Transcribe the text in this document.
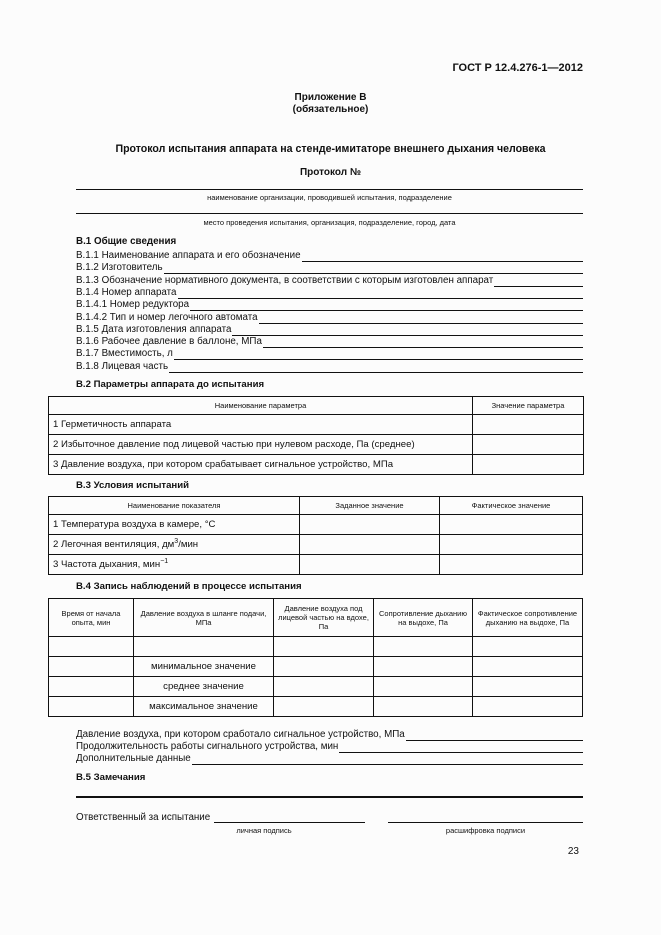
ГОСТ Р 12.4.276-1—2012
Приложение В
(обязательное)
Протокол испытания аппарата на стенде-имитаторе внешнего дыхания человека
Протокол №
наименование организации, проводившей испытания, подразделение
место проведения испытания, организация, подразделение, город, дата
В.1 Общие сведения
В.1.1 Наименование аппарата и его обозначение
В.1.2 Изготовитель
В.1.3 Обозначение нормативного документа, в соответствии с которым изготовлен аппарат
В.1.4 Номер аппарата
В.1.4.1 Номер редуктора
В.1.4.2 Тип и номер легочного автомата
В.1.5 Дата изготовления аппарата
В.1.6 Рабочее давление в баллоне, МПа
В.1.7 Вместимость, л
В.1.8 Лицевая часть
В.2 Параметры аппарата до испытания
Наименование параметра	Значение параметра
1 Герметичность аппарата	
2 Избыточное давление под лицевой частью при нулевом расходе, Па (среднее)	
3 Давление воздуха, при котором срабатывает сигнальное устройство, МПа	
В.3 Условия испытаний
Наименование показателя	Заданное значение	Фактическое значение
1 Температура воздуха в камере, °С		
2 Легочная вентиляция, $дм^3$/мин		
3 Частота дыхания, мин$^{-1}$		
В.4 Запись наблюдений в процессе испытания
Время от начала опыта, мин	Давление воздуха в шланге подачи, МПа	Давление воздуха под лицевой частью на вдохе, Па	Сопротивление дыханию на выдохе, Па	Фактическое сопротивление дыханию на выдохе, Па

	минимальное значение			
	среднее значение			
	максимальное значение			
Давление воздуха, при котором сработало сигнальное устройство, МПа
Продолжительность работы сигнального устройства, мин
Дополнительные данные
В.5 Замечания
Ответственный за испытание
личная подпись	расшифровка подписи
23
